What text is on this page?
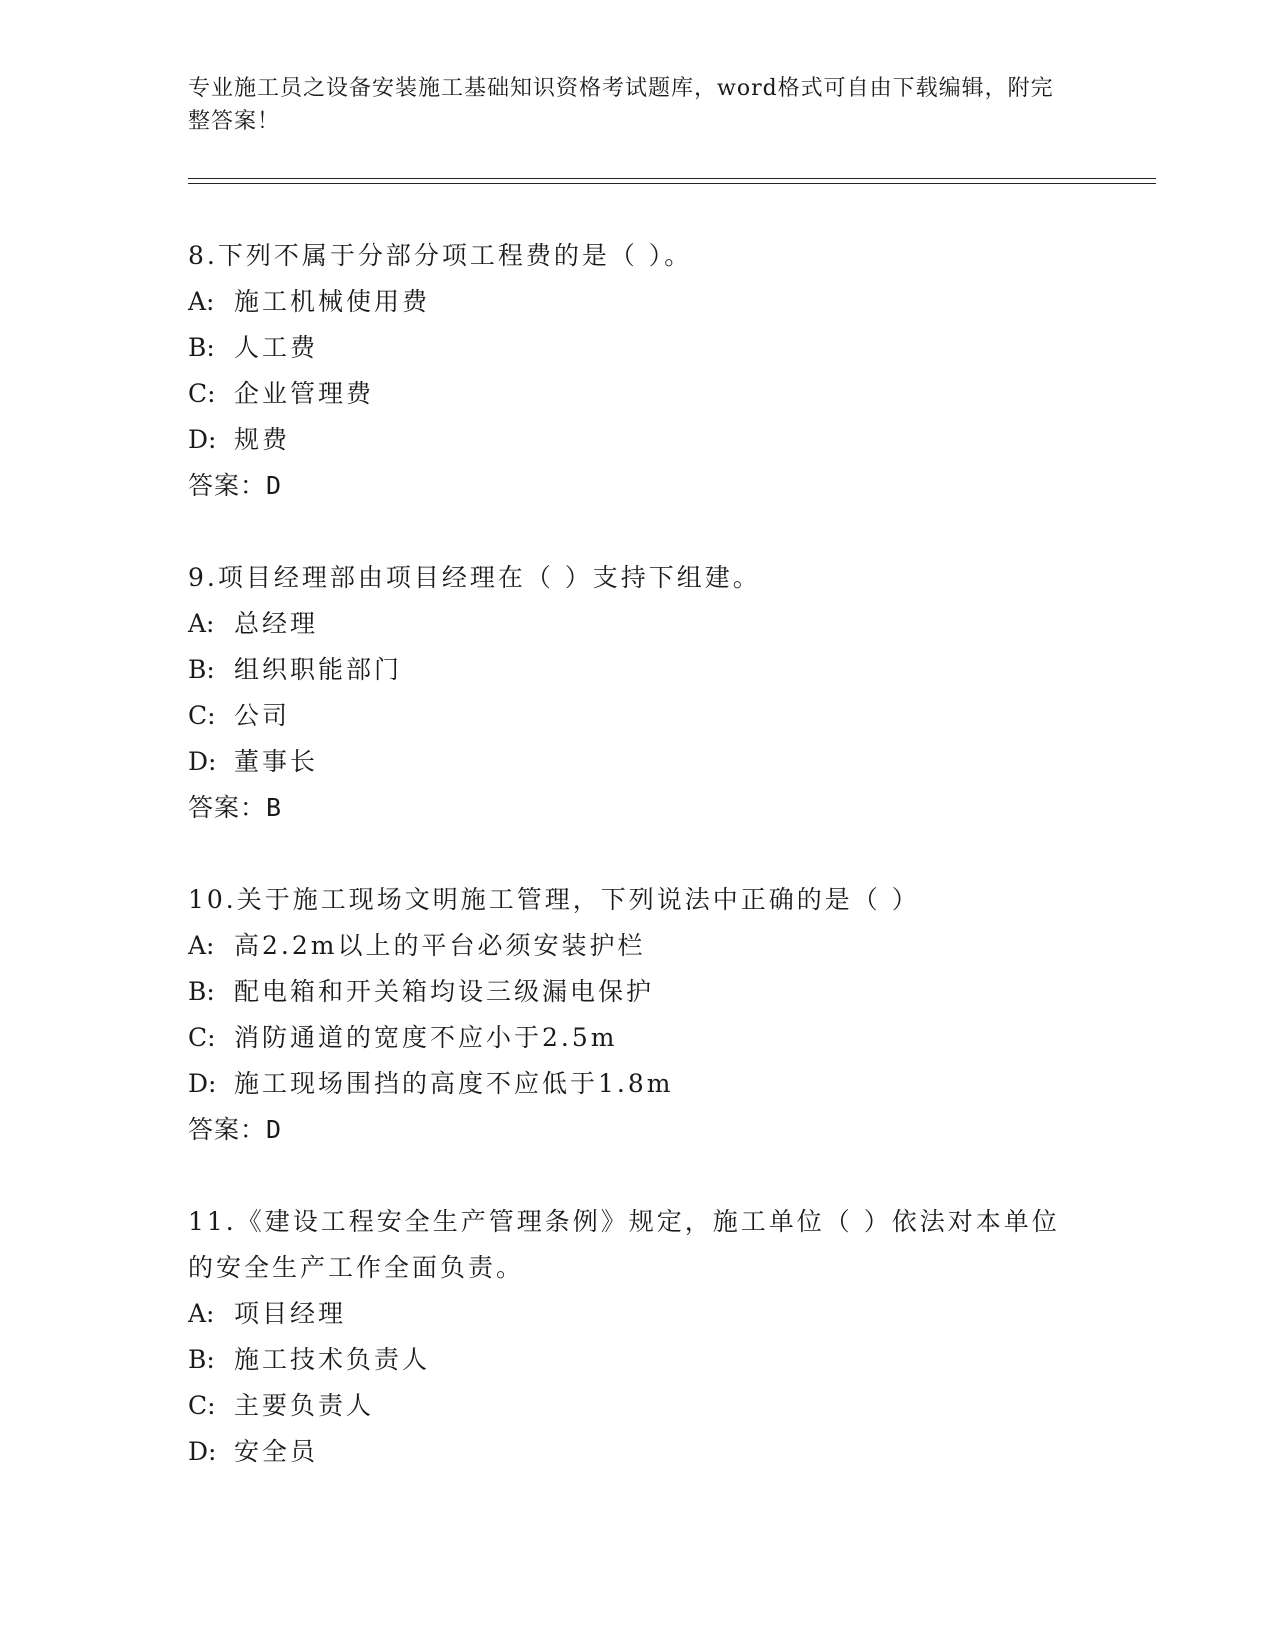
专业施工员之设备安装施工基础知识资格考试题库，word格式可自由下载编辑，附完整答案！
8.下列不属于分部分项工程费的是（ ）。
A: 施工机械使用费
B: 人工费
C: 企业管理费
D: 规费
答案：D
9.项目经理部由项目经理在（ ）支持下组建。
A: 总经理
B: 组织职能部门
C: 公司
D: 董事长
答案：B
10.关于施工现场文明施工管理，下列说法中正确的是（ ）
A: 高2.2m以上的平台必须安装护栏
B: 配电箱和开关箱均设三级漏电保护
C: 消防通道的宽度不应小于2.5m
D: 施工现场围挡的高度不应低于1.8m
答案：D
11.《建设工程安全生产管理条例》规定，施工单位（ ）依法对本单位的安全生产工作全面负责。
A: 项目经理
B: 施工技术负责人
C: 主要负责人
D: 安全员
